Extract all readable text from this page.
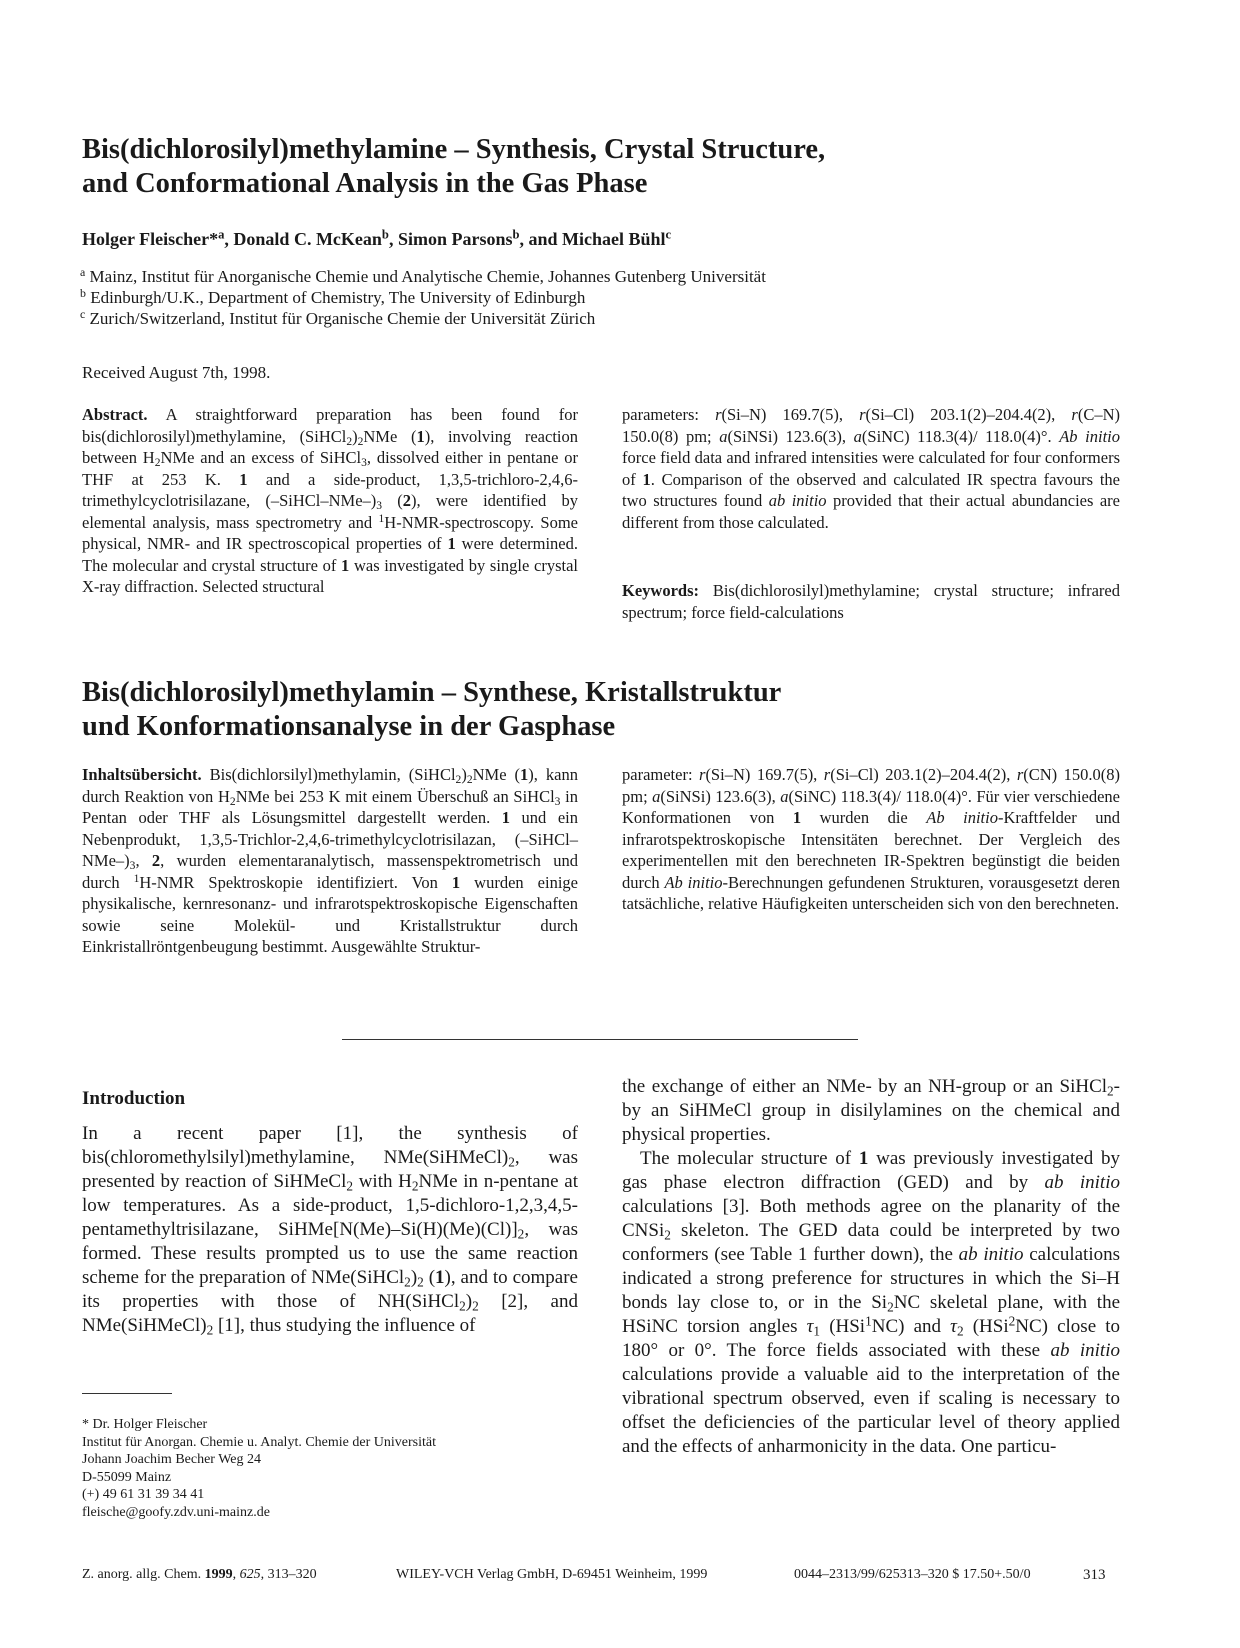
Bis(dichlorosilyl)methylamine – Synthesis, Crystal Structure,
and Conformational Analysis in the Gas Phase
Holger Fleischer*$^a$, Donald C. McKean$^b$, Simon Parsons$^b$, and Michael Bühl$^c$
$^a$ Mainz, Institut für Anorganische Chemie und Analytische Chemie, Johannes Gutenberg Universität
$^b$ Edinburgh/U.K., Department of Chemistry, The University of Edinburgh
$^c$ Zurich/Switzerland, Institut für Organische Chemie der Universität Zürich
Received August 7th, 1998.
Abstract. A straightforward preparation has been found for bis(dichlorosilyl)methylamine, $(SiHCl_2)_2NMe$ (1), involving reaction between $H_2NMe$ and an excess of SiHCl$_3$, dissolved either in pentane or THF at 253 K. 1 and a side-product, 1,3,5-trichloro-2,4,6-trimethylcyclotrisilazane, $(-SiHCl-NMe-)_3$ (2), were identified by elemental analysis, mass spectrometry and $^1$H-NMR-spectroscopy. Some physical, NMR- and IR spectroscopical properties of 1 were determined. The molecular and crystal structure of 1 was investigated by single crystal X-ray diffraction. Selected structural
parameters: r(Si–N) 169.7(5), r(Si–Cl) 203.1(2)–204.4(2), r(C–N) 150.0(8) pm; a(SiNSi) 123.6(3), a(SiNC) 118.3(4)/ 118.0(4)°. Ab initio force field data and infrared intensities were calculated for four conformers of 1. Comparison of the observed and calculated IR spectra favours the two structures found ab initio provided that their actual abundancies are different from those calculated.
Keywords: Bis(dichlorosilyl)methylamine; crystal structure; infrared spectrum; force field-calculations
Bis(dichlorosilyl)methylamin – Synthese, Kristallstruktur
und Konformationsanalyse in der Gasphase
Inhaltsübersicht. Bis(dichlorsilyl)methylamin, $(SiHCl_2)_2NMe$ (1), kann durch Reaktion von $H_2NMe$ bei 253 K mit einem Überschuß an SiHCl$_3$ in Pentan oder THF als Lösungsmittel dargestellt werden. 1 und ein Nebenprodukt, 1,3,5-Trichlor-2,4,6-trimethylcyclotrisilazan, $(-SiHCl-NMe-)_3$, 2, wurden elementaranalytisch, massenspektrometrisch und durch $^1$H-NMR Spektroskopie identifiziert. Von 1 wurden einige physikalische, kernresonanz- und infrarotspektroskopische Eigenschaften sowie seine Molekül- und Kristallstruktur durch Einkristallröntgenbeugung bestimmt. Ausgewählte Struktur-
parameter: r(Si–N) 169.7(5), r(Si–Cl) 203.1(2)–204.4(2), r(CN) 150.0(8) pm; a(SiNSi) 123.6(3), a(SiNC) 118.3(4)/ 118.0(4)°. Für vier verschiedene Konformationen von 1 wurden die Ab initio-Kraftfelder und infrarotspektroskopische Intensitäten berechnet. Der Vergleich des experimentellen mit den berechneten IR-Spektren begünstigt die beiden durch Ab initio-Berechnungen gefundenen Strukturen, vorausgesetzt deren tatsächliche, relative Häufigkeiten unterscheiden sich von den berechneten.
Introduction
In a recent paper [1], the synthesis of bis(chloromethylsilyl)methylamine, $NMe(SiHMeCl)_2$, was presented by reaction of SiHMeCl$_2$ with $H_2NMe$ in n-pentane at low temperatures. As a side-product, 1,5-dichloro-1,2,3,4,5-pentamethyltrisilazane, $SiHMe[N(Me)-Si(H)(Me)(Cl)]_2$, was formed. These results prompted us to use the same reaction scheme for the preparation of $NMe(SiHCl_2)_2$ (1), and to compare its properties with those of $NH(SiHCl_2)_2$ [2], and $NMe(SiHMeCl)_2$ [1], thus studying the influence of

the exchange of either an NMe- by an NH-group or an SiHCl$_2$- by an SiHMeCl group in disilylamines on the chemical and physical properties.

The molecular structure of 1 was previously investigated by gas phase electron diffraction (GED) and by ab initio calculations [3]. Both methods agree on the planarity of the CNSi$_2$ skeleton. The GED data could be interpreted by two conformers (see Table 1 further down), the ab initio calculations indicated a strong preference for structures in which the Si–H bonds lay close to, or in the $Si_2NC$ skeletal plane, with the HSiNC torsion angles $\tau_1$ (HSi$^1$NC) and $\tau_2$ (HSi$^2$NC) close to 180° or 0°. The force fields associated with these ab initio calculations provide a valuable aid to the interpretation of the vibrational spectrum observed, even if scaling is necessary to offset the deficiencies of the particular level of theory applied and the effects of anharmonicity in the data. One particu-

* Dr. Holger Fleischer
Institut für Anorgan. Chemie u. Analyt. Chemie der Universität
Johann Joachim Becher Weg 24
D-55099 Mainz
(+) 49 61 31 39 34 41
fleische@goofy.zdv.uni-mainz.de
Z. anorg. allg. Chem. 1999, 625, 313–320	WILEY-VCH Verlag GmbH, D-69451 Weinheim, 1999	0044–2313/99/625313–320 $ 17.50+.50/0	313
